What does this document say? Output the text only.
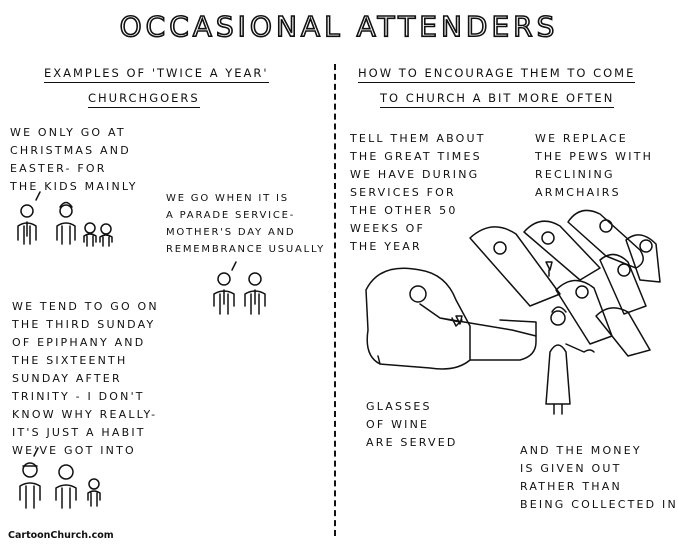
OCCASIONAL ATTENDERS
EXAMPLES OF 'TWICE A YEAR'
CHURCHGOERS
HOW TO ENCOURAGE THEM TO COME
TO CHURCH A BIT MORE OFTEN
WE ONLY GO AT
CHRISTMAS AND
EASTER- FOR
THE KIDS MAINLY
WE GO WHEN IT IS
A PARADE SERVICE-
MOTHER'S DAY AND
REMEMBRANCE USUALLY
WE TEND TO GO ON
THE THIRD SUNDAY
OF EPIPHANY AND
THE SIXTEENTH
SUNDAY AFTER
TRINITY - I DON'T
KNOW WHY REALLY-
IT'S JUST A HABIT
WE'VE GOT INTO
TELL THEM ABOUT
THE GREAT TIMES
WE HAVE DURING
SERVICES FOR
THE OTHER 50
WEEKS OF
THE YEAR
WE REPLACE
THE PEWS WITH
RECLINING
ARMCHAIRS
GLASSES
OF WINE
ARE SERVED
AND THE MONEY
IS GIVEN OUT
RATHER THAN
BEING COLLECTED IN
CartoonChurch.com
